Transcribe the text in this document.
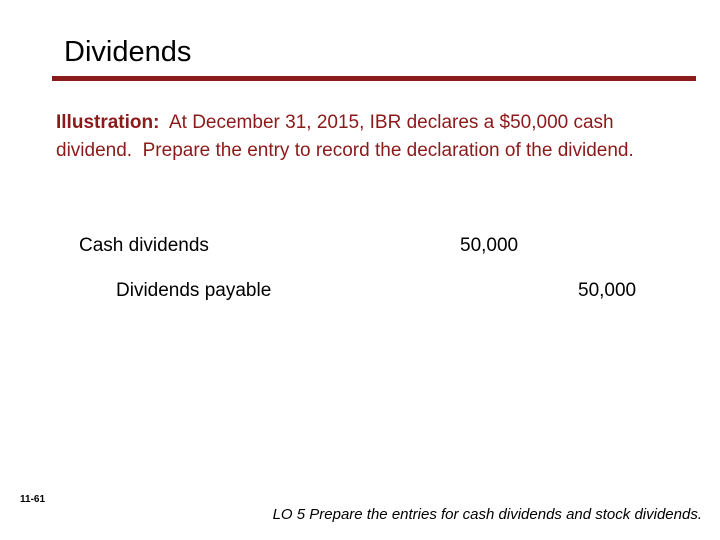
Dividends
Illustration: At December 31, 2015, IBR declares a $50,000 cash dividend. Prepare the entry to record the declaration of the dividend.
Cash dividends	50,000
Dividends payable	50,000
11-61
LO 5 Prepare the entries for cash dividends and stock dividends.
